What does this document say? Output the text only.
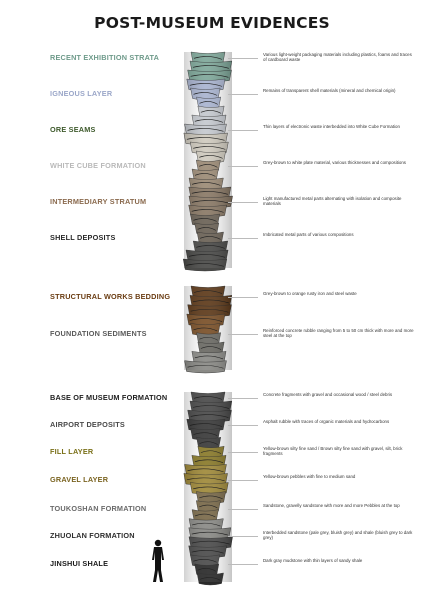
POST-MUSEUM EVIDENCES
RECENT EXHIBITION STRATA	Various light-weight packaging materials including plastics, foams and traces of cardboard waste
IGNEOUS LAYER	Remains of transparent shell materials (mineral and chemical origin)
ORE SEAMS	Thin layers of electronic waste interbedded into White Cube Formation
WHITE CUBE FORMATION	Grey-brown to white plate material, various thicknesses and compositions
INTERMEDIARY STRATUM	Light manufactured metal parts alternating with isolation and composite materials
SHELL DEPOSITS	Imbricated metal parts of various compositions
STRUCTURAL WORKS BEDDING	Grey-brown to orange rusty iron and steel waste
FOUNDATION SEDIMENTS	Reinforced concrete rubble ranging from 5 to 50 cm thick with more and more steel at the top
BASE OF MUSEUM FORMATION	Concrete fragments with gravel and occasional wood / steel debris
AIRPORT DEPOSITS	Asphalt rubble with traces of organic materials and hydrocarbons
FILL LAYER	Yellow-brown silty fine sand / Brown silty fine sand with gravel, silt, brick fragments
GRAVEL LAYER	Yellow-brown pebbles with fine to medium sand
TOUKOSHAN FORMATION	Sandstone, gravelly sandstone with more and more Pebbles at the top
ZHUOLAN FORMATION	Interbedded sandstone (pale grey, bluish grey) and shale (bluish grey to dark grey)
JINSHUI SHALE	Dark gray mudstone with thin layers of sandy shale
